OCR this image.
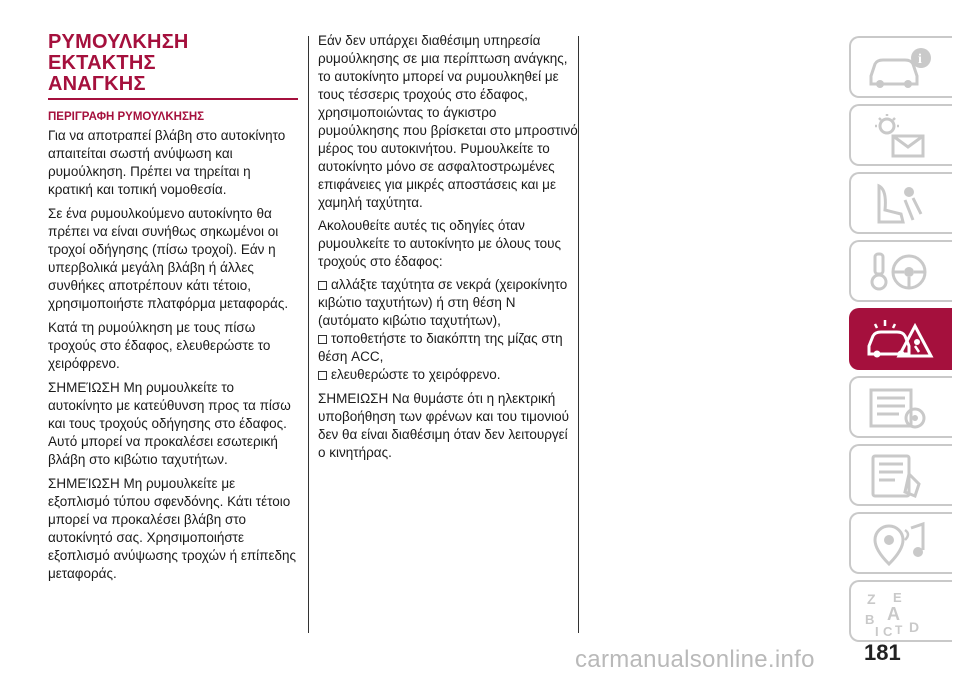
ΡΥΜΟΥΛΚΗΣΗ ΕΚΤΑΚΤΗΣ
ΑΝΑΓΚΗΣ
ΠΕΡΙΓΡΑΦΗ ΡΥΜΟΥΛΚΗΣΗΣ

Για να αποτραπεί βλάβη στο αυτοκίνητο απαιτείται σωστή ανύψωση και ρυμούλκηση. Πρέπει να τηρείται η κρατική και τοπική νομοθεσία.

Σε ένα ρυμουλκούμενο αυτοκίνητο θα πρέπει να είναι συνήθως σηκωμένοι οι τροχοί οδήγησης (πίσω τροχοί). Εάν η υπερβολικά μεγάλη βλάβη ή άλλες συνθήκες αποτρέπουν κάτι τέτοιο, χρησιμοποιήστε πλατφόρμα μεταφοράς.

Κατά τη ρυμούλκηση με τους πίσω τροχούς στο έδαφος, ελευθερώστε το χειρόφρενο.

ΣΗΜΕΊΩΣΗ Μη ρυμουλκείτε το αυτοκίνητο με κατεύθυνση προς τα πίσω και τους τροχούς οδήγησης στο έδαφος. Αυτό μπορεί να προκαλέσει εσωτερική βλάβη στο κιβώτιο ταχυτήτων.

ΣΗΜΕΊΩΣΗ Μη ρυμουλκείτε με εξοπλισμό τύπου σφενδόνης. Κάτι τέτοιο μπορεί να προκαλέσει βλάβη στο αυτοκίνητό σας. Χρησιμοποιήστε εξοπλισμό ανύψωσης τροχών ή επίπεδης μεταφοράς.

Εάν δεν υπάρχει διαθέσιμη υπηρεσία ρυμούλκησης σε μια περίπτωση ανάγκης, το αυτοκίνητο μπορεί να ρυμουλκηθεί με τους τέσσερις τροχούς στο έδαφος, χρησιμοποιώντας το άγκιστρο ρυμούλκησης που βρίσκεται στο μπροστινό μέρος του αυτοκινήτου. Ρυμουλκείτε το αυτοκίνητο μόνο σε ασφαλτοστρωμένες επιφάνειες για μικρές αποστάσεις και με χαμηλή ταχύτητα.

Ακολουθείτε αυτές τις οδηγίες όταν ρυμουλκείτε το αυτοκίνητο με όλους τους τροχούς στο έδαφος:

αλλάξτε ταχύτητα σε νεκρά (χειροκίνητο κιβώτιο ταχυτήτων) ή στη θέση N (αυτόματο κιβώτιο ταχυτήτων),
τοποθετήστε το διακόπτη της μίζας στη θέση ACC,
ελευθερώστε το χειρόφρενο.

ΣΗΜΕΙΩΣΗ Να θυμάστε ότι η ηλεκτρική υποβοήθηση των φρένων και του τιμονιού δεν θα είναι διαθέσιμη όταν δεν λειτουργεί ο κινητήρας.

i
Z E
B A
I C T D
181
carmanualsonline.info
